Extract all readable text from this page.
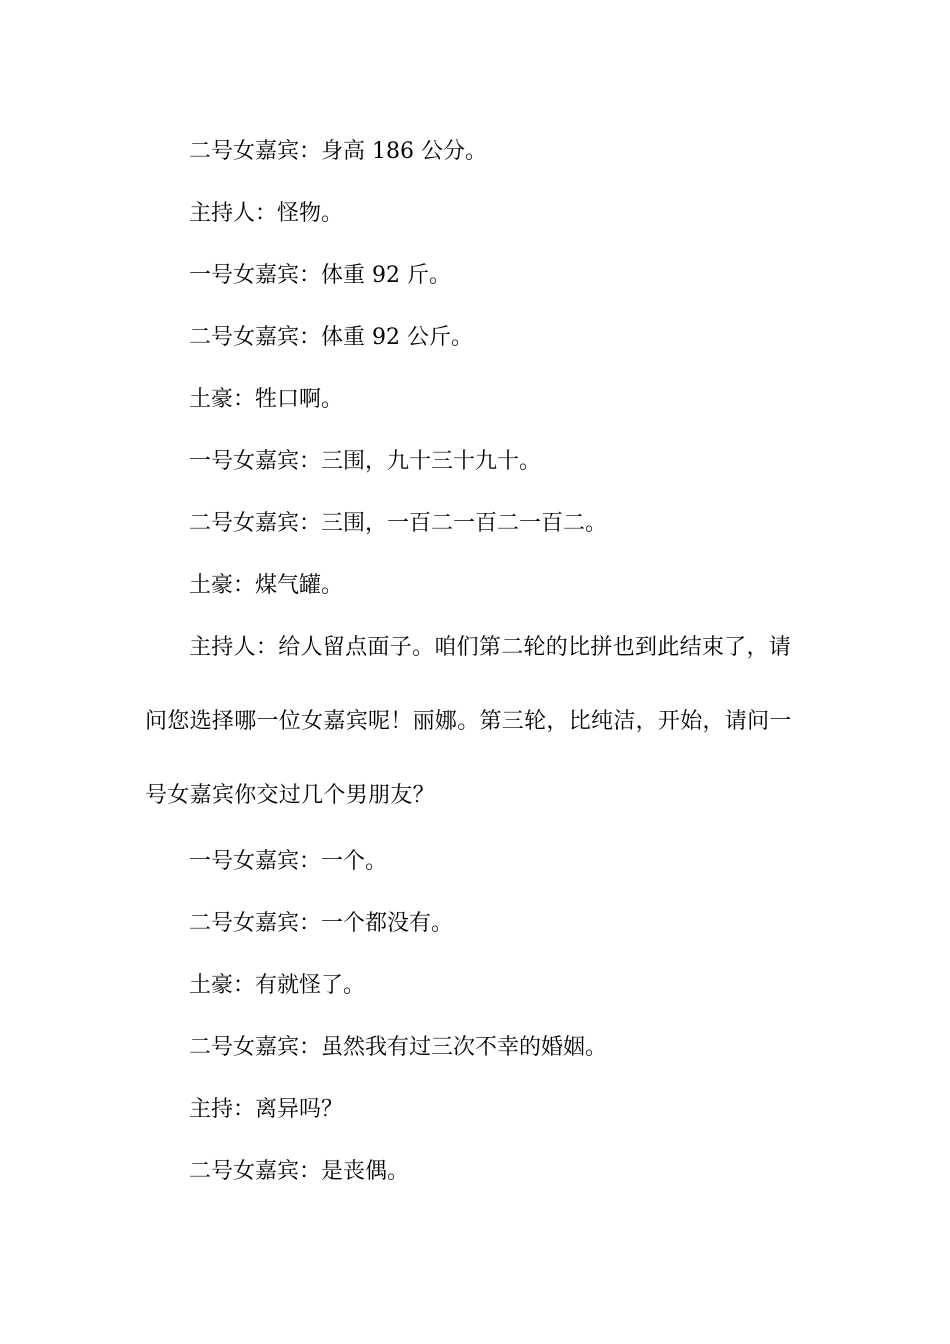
二号女嘉宾：身高 186 公分。

主持人：怪物。

一号女嘉宾：体重 92 斤。

二号女嘉宾：体重 92 公斤。

土豪：牲口啊。

一号女嘉宾：三围，九十三十九十。

二号女嘉宾：三围，一百二一百二一百二。

土豪：煤气罐。

主持人：给人留点面子。咱们第二轮的比拼也到此结束了，请问您选择哪一位女嘉宾呢！丽娜。第三轮，比纯洁，开始，请问一号女嘉宾你交过几个男朋友？

一号女嘉宾：一个。

二号女嘉宾：一个都没有。

土豪：有就怪了。

二号女嘉宾：虽然我有过三次不幸的婚姻。

主持：离异吗？

二号女嘉宾：是丧偶。
